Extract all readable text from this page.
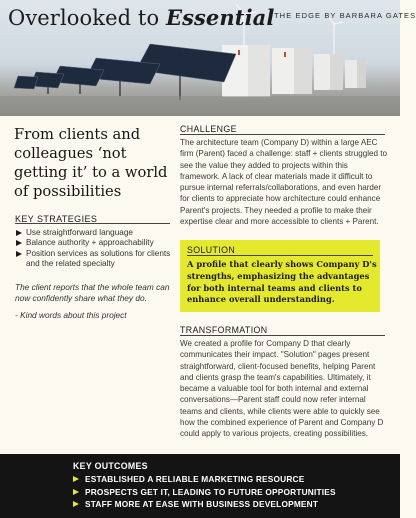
Overlooked to Essential THE EDGE BY BARBARA GATES
From clients and colleagues ‘not getting it’ to a world of possibilities
KEY STRATEGIES
Use straightforward language
Balance authority + approachability
Position services as solutions for clients and the related specialty
The client reports that the whole team can now confidently share what they do.
- Kind words about this project
CHALLENGE
The architecture team (Company D) within a large AEC firm (Parent) faced a challenge: staff + clients struggled to see the value they added to projects within this framework. A lack of clear materials made it difficult to pursue internal referrals/collaborations, and even harder for clients to appreciate how architecture could enhance Parent's projects. They needed a profile to make their expertise clear and more accessible to clients + Parent.
SOLUTION
A profile that clearly shows Company D's strengths, emphasizing the advantages for both internal teams and clients to enhance overall understanding.
TRANSFORMATION
We created a profile for Company D that clearly communicates their impact. "Solution" pages present straightforward, client-focused benefits, helping Parent and clients grasp the team's capabilities. Ultimately, it became a valuable tool for both internal and external conversations—Parent staff could now refer internal teams and clients, while clients were able to quickly see how the combined experience of Parent and Company D could apply to various projects, creating possibilities.
KEY OUTCOMES
ESTABLISHED A RELIABLE MARKETING RESOURCE
PROSPECTS GET IT, LEADING TO FUTURE OPPORTUNITIES
STAFF MORE AT EASE WITH BUSINESS DEVELOPMENT
